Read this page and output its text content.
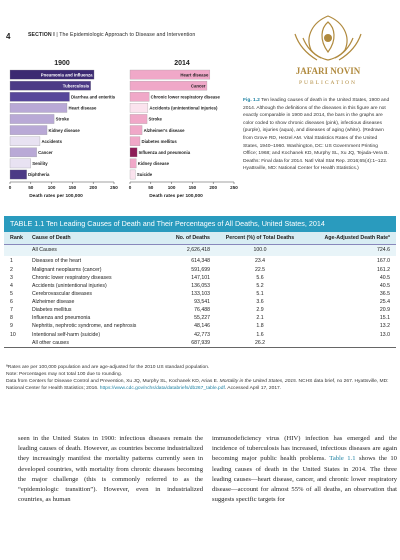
4	SECTION I | The Epidemiologic Approach to Disease and Intervention
JAFARI NOVIN
PUBLICATION
1900
Pneumonia and influenza
Tuberculosis
Diarrhea and enteritis
Heart disease
Stroke
Kidney disease
Accidents
Cancer
Senility
Diphtheria
0	50	100	150	200	250
Death rates per 100,000
2014
Heart disease
Cancer
Chronic lower respiratory disease
Accidents (unintentional injuries)
Stroke
Alzheimer's disease
Diabetes mellitus
Influenza and pneumonia
Kidney disease
Suicide
0	50	100	150	200	250
Death rates per 100,000
Fig. 1.2 Ten leading causes of death in the United States, 1900 and 2014. Although the definitions of the diseases in this figure are not exactly comparable in 1900 and 2014, the bars in the graphs are color coded to show chronic diseases (pink), infectious diseases (purple), injuries (aqua), and diseases of aging (white). (Redrawn from Grove RD, Hetzel AM. Vital Statistics Rates of the United States, 1940–1960. Washington, DC: US Government Printing Office; 1968; and Kochanek KD, Murphy SL, Xu JQ, Tejada-Vera B. Deaths: Final data for 2014. Natl Vital Stat Rep. 2016;65(4):1–122. Hyattsville, MD: National Center for Health Statistics.)
TABLE 1.1 Ten Leading Causes of Death and Their Percentages of All Deaths, United States, 2014
Rank	Cause of Death	No. of Deaths	Percent (%) of Total Deaths	Age-Adjusted Death Rateª
All Causes	2,626,418	100.0	724.6
1	Diseases of the heart	614,348	23.4	167.0
2	Malignant neoplasms (cancer)	591,699	22.5	161.2
3	Chronic lower respiratory diseases	147,101	5.6	40.5
4	Accidents (unintentional injuries)	136,053	5.2	40.5
5	Cerebrovascular diseases	133,103	5.1	36.5
6	Alzheimer disease	93,541	3.6	25.4
7	Diabetes mellitus	76,488	2.9	20.9
8	Influenza and pneumonia	55,227	2.1	15.1
9	Nephritis, nephrotic syndrome, and nephrosis	48,146	1.8	13.2
10	Intentional self-harm (suicide)	42,773	1.6	13.0
All other causes	687,939	26.2
ªRates are per 100,000 population and are age-adjusted for the 2010 US standard population.
Note: Percentages may not total 100 due to rounding.
Data from Centers for Disease Control and Prevention, Xu JQ, Murphy SL, Kochanek KD, Arias E. Mortality in the United States, 2015. NCHS data brief, no 267. Hyattsville, MD: National Center for Health Statistics; 2016. https://www.cdc.gov/nchs/data/databriefs/db267_table.pdf. Accessed April 17, 2017.
seen in the United States in 1900: infectious diseases remain the leading causes of death. However, as countries become industrialized they increasingly manifest the mortality patterns currently seen in developed countries, with mortality from chronic diseases becoming the major challenge (this is commonly referred to as the “epidemiologic transition”). However, even in industrialized countries, as human
immunodeficiency virus (HIV) infection has emerged and the incidence of tuberculosis has increased, infectious diseases are again becoming major public health problems. Table 1.1 shows the 10 leading causes of death in the United States in 2014. The three leading causes—heart disease, cancer, and chronic lower respiratory disease—account for almost 55% of all deaths, an observation that suggests specific targets for
